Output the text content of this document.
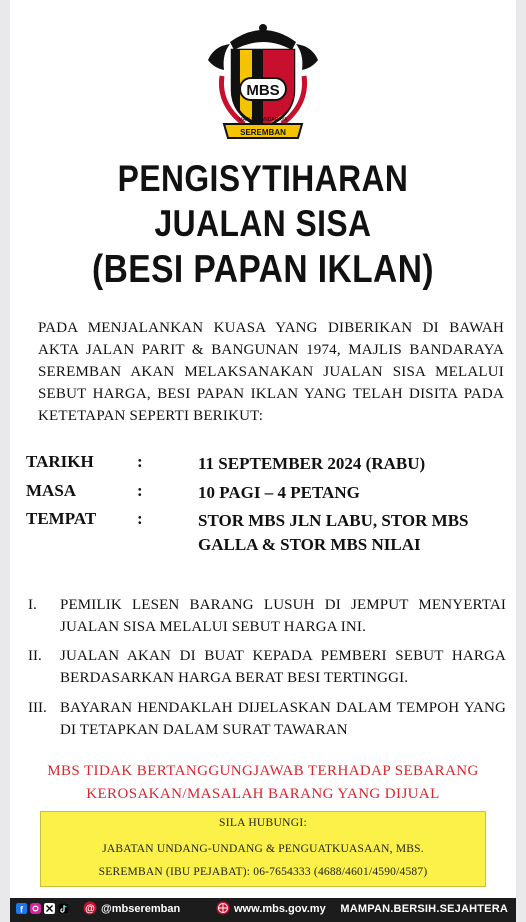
MBS
MAJLIS BANDARAYA
SEREMBAN
PENGISYTIHARAN
JUALAN SISA
(BESI PAPAN IKLAN)
PADA MENJALANKAN KUASA YANG DIBERIKAN DI BAWAH AKTA JALAN PARIT & BANGUNAN 1974, MAJLIS BANDARAYA SEREMBAN AKAN MELAKSANAKAN JUALAN SISA MELALUI SEBUT HARGA, BESI PAPAN IKLAN YANG TELAH DISITA PADA KETETAPAN SEPERTI BERIKUT:
TARIKH	:	11 SEPTEMBER 2024 (RABU)
MASA	:	10 PAGI – 4 PETANG
TEMPAT :	STOR MBS JLN LABU, STOR MBS GALLA & STOR MBS NILAI
I. PEMILIK LESEN BARANG LUSUH DI JEMPUT MENYERTAI JUALAN SISA MELALUI SEBUT HARGA INI.
II. JUALAN AKAN DI BUAT KEPADA PEMBERI SEBUT HARGA BERDASARKAN HARGA BERAT BESI TERTINGGI.
III. BAYARAN HENDAKLAH DIJELASKAN DALAM TEMPOH YANG DI TETAPKAN DALAM SURAT TAWARAN
MBS TIDAK BERTANGGUNGJAWAB TERHADAP SEBARANG
KEROSAKAN/MASALAH BARANG YANG DIJUAL
SILA HUBUNGI:
JABATAN UNDANG-UNDANG & PENGUATKUASAAN, MBS.
SEREMBAN (IBU PEJABAT): 06-7654333 (4688/4601/4590/4587)
f	@ @mbseremban	www.mbs.gov.my MAMPAN.BERSIH.SEJAHTERA
